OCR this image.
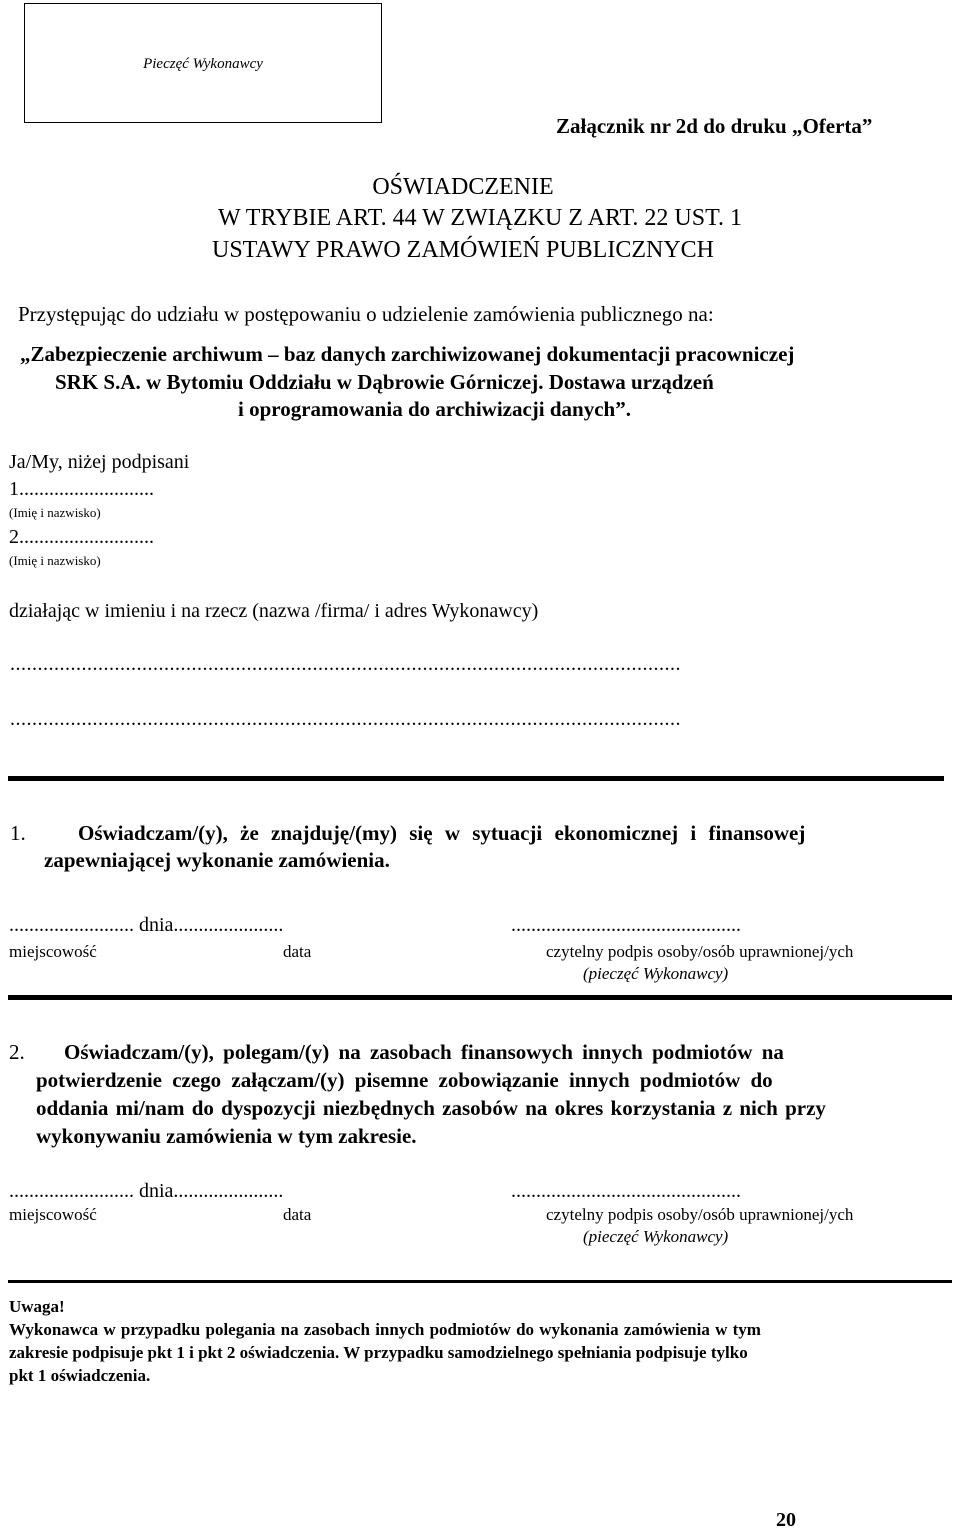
Pieczęć Wykonawcy
Załącznik nr 2d do druku „Oferta”
OŚWIADCZENIE
W TRYBIE ART. 44 W ZWIĄZKU Z ART. 22 UST. 1
USTAWY PRAWO ZAMÓWIEŃ PUBLICZNYCH
Przystępując do udziału w postępowaniu o udzielenie zamówienia publicznego na:
„Zabezpieczenie archiwum – baz danych zarchiwizowanej dokumentacji pracowniczej
SRK S.A. w Bytomiu Oddziału w Dąbrowie Górniczej. Dostawa urządzeń
i oprogramowania do archiwizacji danych”.
Ja/My, niżej podpisani
1...........................
(Imię i nazwisko)
2...........................
(Imię i nazwisko)
działając w imieniu i na rzecz (nazwa /firma/ i adres Wykonawcy)
..........................................................................................................................
..........................................................................................................................
1. Oświadczam/(y), że znajduję/(my) się w sytuacji ekonomicznej i finansowej
zapewniającej wykonanie zamówienia.
......................... dnia......................	..............................................
miejscowość	data	czytelny podpis osoby/osób uprawnionej/ych
(pieczęć Wykonawcy)
2. Oświadczam/(y), polegam/(y) na zasobach finansowych innych podmiotów na
potwierdzenie czego załączam/(y) pisemne zobowiązanie innych podmiotów do
oddania mi/nam do dyspozycji niezbędnych zasobów na okres korzystania z nich przy
wykonywaniu zamówienia w tym zakresie.
......................... dnia......................	..............................................
miejscowość	data	czytelny podpis osoby/osób uprawnionej/ych
(pieczęć Wykonawcy)
Uwaga!
Wykonawca w przypadku polegania na zasobach innych podmiotów do wykonania zamówienia w tym
zakresie podpisuje pkt 1 i pkt 2 oświadczenia. W przypadku samodzielnego spełniania podpisuje tylko
pkt 1 oświadczenia.
20
